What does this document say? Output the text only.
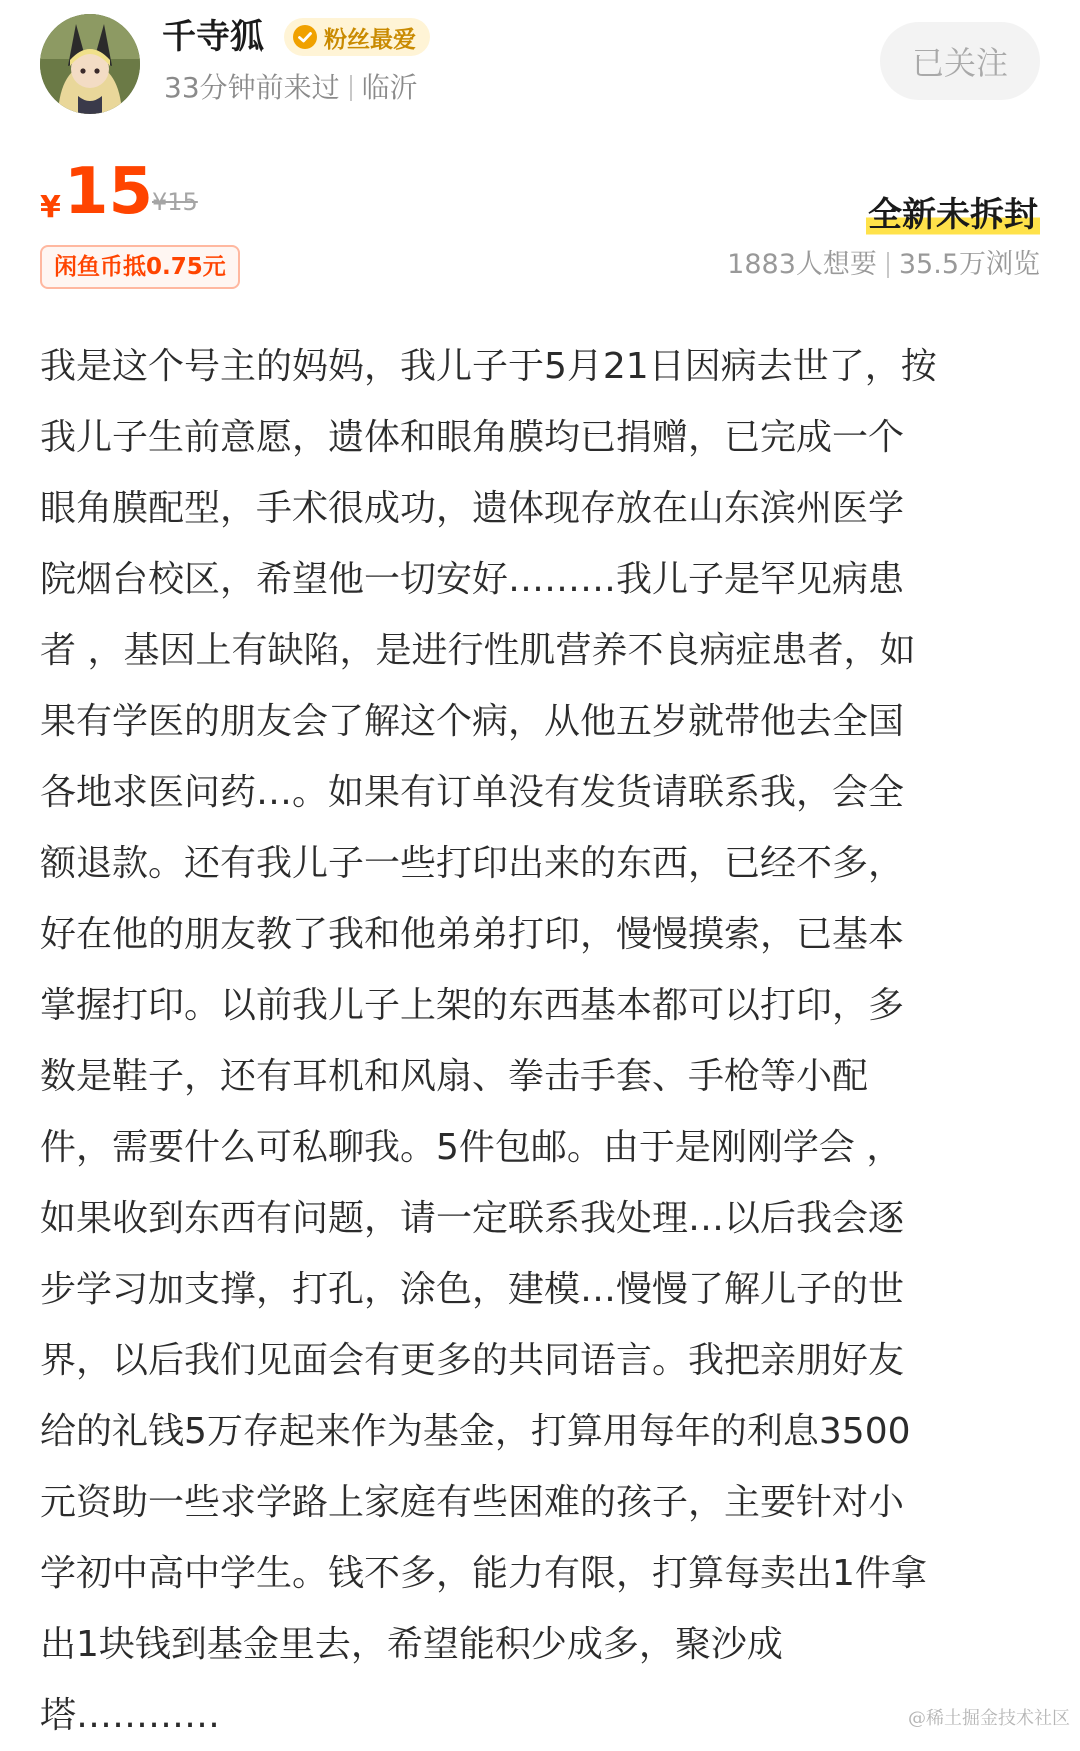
千寺狐	粉丝最爱
33分钟前来过 临沂
已关注
¥ 15
¥15
闲鱼币抵0.75元
全新未拆封
1883人想要 35.5万浏览
我是这个号主的妈妈，我儿子于5月21日因病去世了，按
我儿子生前意愿，遗体和眼角膜均已捐赠，已完成一个
眼角膜配型，手术很成功，遗体现存放在山东滨州医学
院烟台校区，希望他一切安好………我儿子是罕见病患
者 ，基因上有缺陷，是进行性肌营养不良病症患者，如
果有学医的朋友会了解这个病，从他五岁就带他去全国
各地求医问药…。如果有订单没有发货请联系我，会全
额退款。还有我儿子一些打印出来的东西，已经不多，
好在他的朋友教了我和他弟弟打印，慢慢摸索，已基本
掌握打印。以前我儿子上架的东西基本都可以打印，多
数是鞋子，还有耳机和风扇、拳击手套、手枪等小配
件，需要什么可私聊我。5件包邮。由于是刚刚学会 ，
如果收到东西有问题，请一定联系我处理…以后我会逐
步学习加支撑，打孔，涂色，建模…慢慢了解儿子的世
界，以后我们见面会有更多的共同语言。我把亲朋好友
给的礼钱5万存起来作为基金，打算用每年的利息3500
元资助一些求学路上家庭有些困难的孩子，主要针对小
学初中高中学生。钱不多，能力有限，打算每卖出1件拿
出1块钱到基金里去，希望能积少成多，聚沙成
塔…………	@稀土掘金技术社区
